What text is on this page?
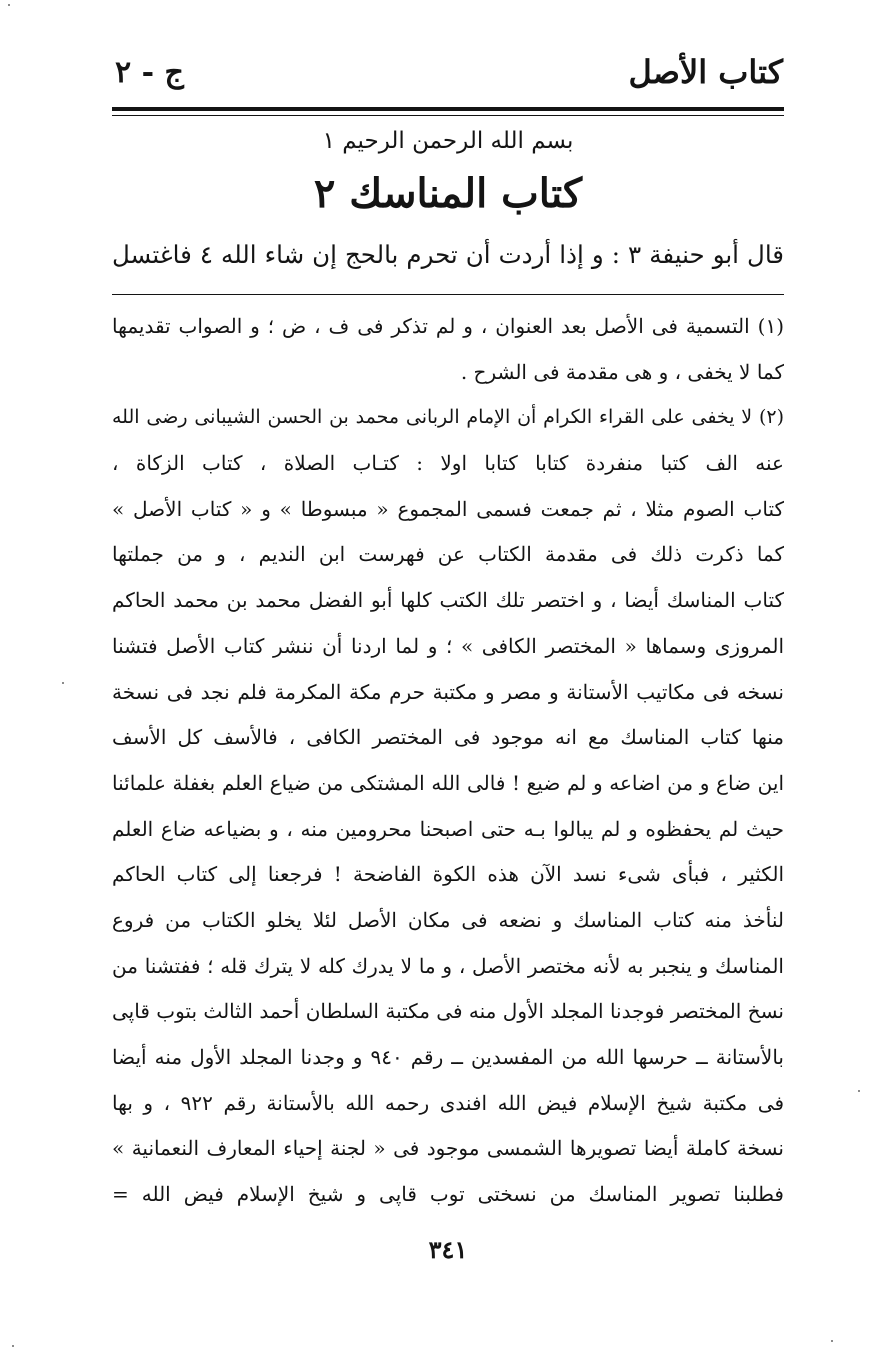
كتاب الأصل
ج - ٢
بسم الله الرحمن الرحيم ١
كتاب المناسك ٢
قال أبو حنيفة ٣ : و إذا أردت أن تحرم بالحج إن شاء الله ٤ فاغتسل
(١) التسمية فى الأصل بعد العنوان ، و لم تذكر فى ف ، ض ؛ و الصواب تقديمها
كما لا يخفى ، و هى مقدمة فى الشرح .
(٢) لا يخفى على القراء الكرام أن الإمام الربانى محمد بن الحسن الشيبانى رضى الله
عنه الف كتبا منفردة كتابا كتابا اولا : كتـاب الصلاة ، كتاب الزكاة ،
كتاب الصوم مثلا ، ثم جمعت فسمى المجموع « مبسوطا » و « كتاب الأصل »
كما ذكرت ذلك فى مقدمة الكتاب عن فهرست ابن النديم ، و من جملتها
كتاب المناسك أيضا ، و اختصر تلك الكتب كلها أبو الفضل محمد بن محمد الحاكم
المروزى وسماها « المختصر الكافى » ؛ و لما اردنا أن ننشر كتاب الأصل فتشنا
نسخه فى مكاتيب الأستانة و مصر و مكتبة حرم مكة المكرمة فلم نجد فى نسخة
منها كتاب المناسك مع انه موجود فى المختصر الكافى ، فالأسف كل الأسف
اين ضاع و من اضاعه و لم ضيع ! فالى الله المشتكى من ضياع العلم بغفلة علمائنا
حيث لم يحفظوه و لم يبالوا بـه حتى اصبحنا محرومين منه ، و بضياعه ضاع العلم
الكثير ، فبأى شىء نسد الآن هذه الكوة الفاضحة ! فرجعنا إلى كتاب الحاكم
لنأخذ منه كتاب المناسك و نضعه فى مكان الأصل لئلا يخلو الكتاب من فروع
المناسك و ينجبر به لأنه مختصر الأصل ، و ما لا يدرك كله لا يترك قله ؛ ففتشنا من
نسخ المختصر فوجدنا المجلد الأول منه فى مكتبة السلطان أحمد الثالث بتوب قاپى
بالأستانة ــ حرسها الله من المفسدين ــ رقم ٩٤٠ و وجدنا المجلد الأول منه أيضا
فى مكتبة شيخ الإسلام فيض الله افندى رحمه الله بالأستانة رقم ٩٢٢ ، و بها
نسخة كاملة أيضا تصويرها الشمسى موجود فى « لجنة إحياء المعارف النعمانية »
فطلبنا تصوير المناسك من نسختى توب قاپى و شيخ الإسلام فيض الله =
٣٤١
